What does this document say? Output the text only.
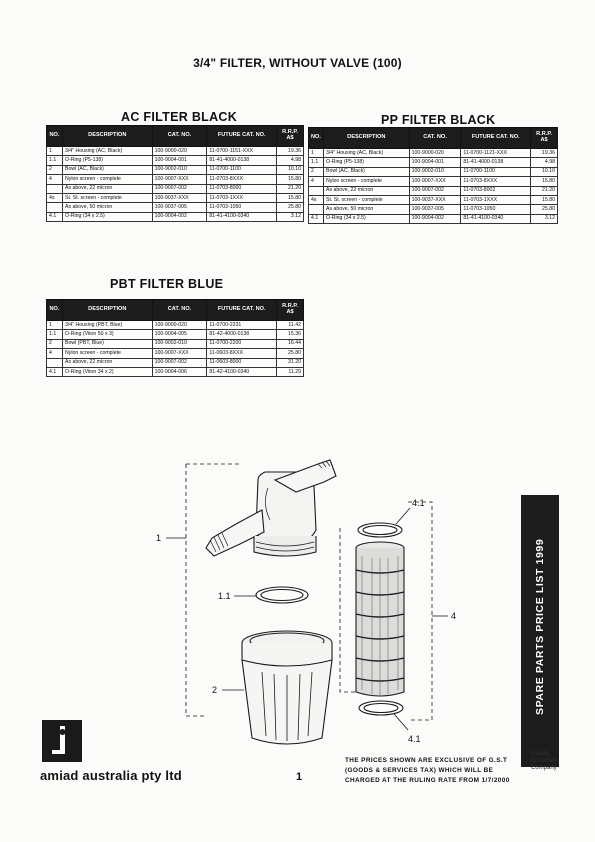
3/4" FILTER, WITHOUT VALVE (100)
AC FILTER BLACK	PP FILTER BLACK
PBT FILTER BLUE
NO.	DESCRIPTION	CAT. NO.	FUTURE CAT. NO.	R.R.P. A$
1	3/4" Housing (AC, Black)	100-9000-020	11-0700-1151-XXX	19.36
1.1	O-Ring (P5-138)	100-9004-001	81-41-4000-0138	4.98
2	Bowl (AC, Black)	100-9002-010	11-0700-1100	10.10
4	Nylon screen - complete	100-9007-XXX	11-0703-8XXX	15.80
	As above, 22 micron	100-9007-002	11-0703-8000	21.20
4s	St. St. screen - complete	100-9037-XXX	11-0703-1XXX	15.80
	As above, 50 micron	100-9037-005	11-0703-1050	25.80
4.1	O-Ring (34 x 2.5)	100-9004-002	81-41-4100-0340	3.12
NO.	DESCRIPTION	CAT. NO.	FUTURE CAT. NO.	R.R.P. A$
1	3/4" Housing (AC, Black)	100-9000-020	11-0700-1121-XXX	19.36
1.1	O-Ring (P5-138)	100-9004-001	81-41-4000-0138	4.98
2	Bowl (AC, Black)	100-9002-010	11-0700-1100	10.10
4	Nylon screen - complete	100-9007-XXX	11-0703-8XXX	15.80
	As above, 22 micron	100-9007-002	11-0703-8002	21.20
4s	St. St. screen - complete	100-9037-XXX	11-0703-1XXX	15.80
	As above, 50 micron	100-9037-005	11-0703-1050	25.80
4.1	O-Ring (34 x 2.5)	100-9004-002	81-41-4100-0340	3.12
NO.	DESCRIPTION	CAT. NO.	FUTURE CAT. NO.	R.R.P. A$
1	3/4" Housing (PBT, Blue)	100-9000-020	11-0700-2231	11.42
1.1	O-Ring (Viton 50 x 3)	100-9004-005	81-42-4000-0138	15.36
2	Bowl (PBT, Blue)	100-9002-010	11-0700-2200	16.44
4	Nylon screen - complete	100-9007-XXX	11-0603-8XXX	25.80
	As above, 22 micron	100-9007-002	11-0603-8000	31.20
4.1	O-Ring (Viton 34 x 2)	100-9004-006	81-42-4100-0340	11.29
1
1.1
2
4
4.1
4.1
SPARE PARTS PRICE LIST 1999
amiad australia pty ltd	1
THE PRICES SHOWN ARE EXCLUSIVE OF G.S.T (GOODS & SERVICES TAX) WHICH WILL BE CHARGED AT THE RULING RATE FROM 1/7/2000
Quality Endorsed Company
